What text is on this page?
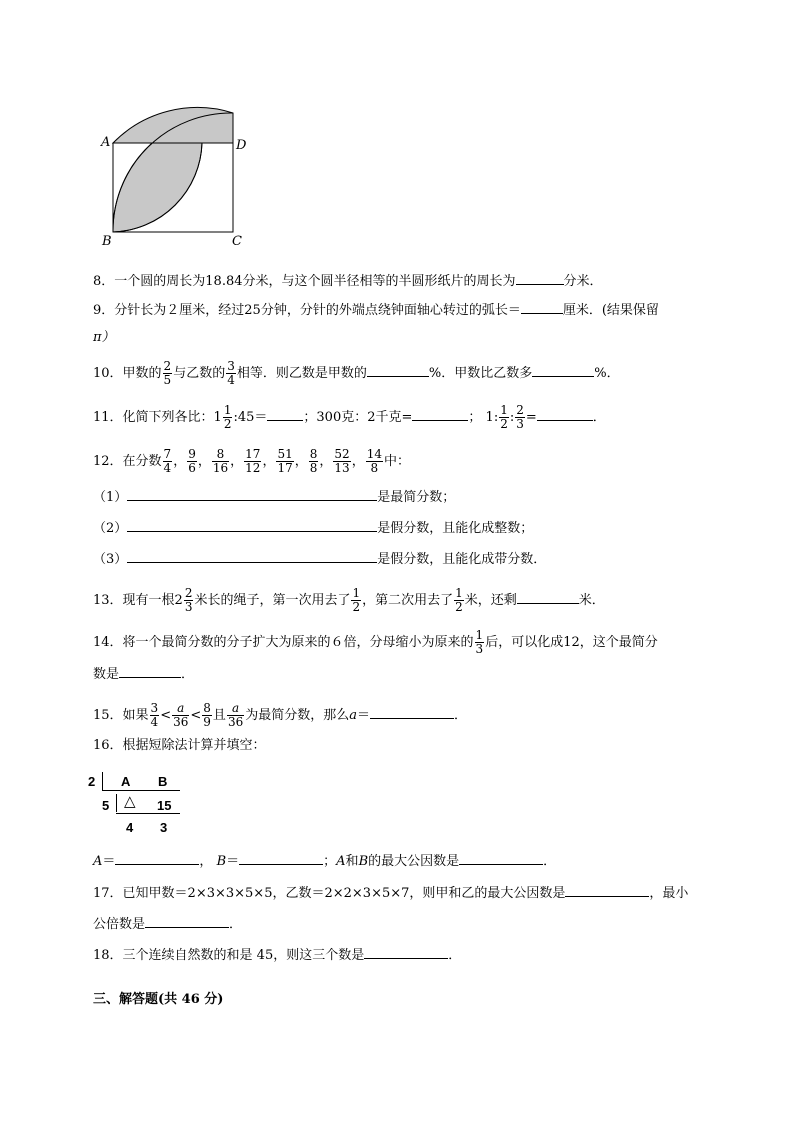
A
B	C
D
8．一个圆的周长为18.84分米，与这个圆半径相等的半圆形纸片的周长为	分米．
9．分针长为２厘米，经过25分钟，分针的外端点绕钟面轴心转过的弧长＝	厘米．(结果保留
π）
10．甲数的 $\frac{2}{5}$ 与乙数的 $\frac{3}{4}$ 相等．则乙数是甲数的	%．甲数比乙数多	%．
11．化简下列各比：$1 \frac{1}{2}$ :45＝	；300克：2千克=	； 1: $\frac{1}{2}$ : $\frac{2}{3}$ =	．
12．在分数 $\frac{7}{4}$ ， $\frac{9}{6}$ ， $\frac{8}{16}$ ， $\frac{17}{12}$ ， $\frac{51}{17}$ ， $\frac{8}{8}$ ， $\frac{52}{13}$ ， $\frac{14}{8}$ 中：
（1）	是最简分数；
（2）	是假分数，且能化成整数；
（3）	是假分数，且能化成带分数．
13．现有一根$2 \frac{2}{3}$ 米长的绳子，第一次用去了 $\frac{1}{2}$ ，第二次用去了 $\frac{1}{2}$ 米，还剩	米．
14．将一个最简分数的分子扩大为原来的６倍，分母缩小为原来的 $\frac{1}{3}$ 后，可以化成12，这个最简分
数是	．
15．如果 $\frac{3}{4} < \frac{a}{36} < \frac{8}{9}$ 且 $\frac{a}{36}$ 为最简分数，那么a＝	．
16．根据短除法计算并填空：
2 A B
5 △ 15
4 3
A＝	， B＝	；A和B的最大公因数是	．
17．已知甲数＝2×3×3×5×5，乙数＝2×2×3×5×7，则甲和乙的最大公因数是	，最小
公倍数是	．
18．三个连续自然数的和是 45，则这三个数是	．
三、解答题(共 46 分)
